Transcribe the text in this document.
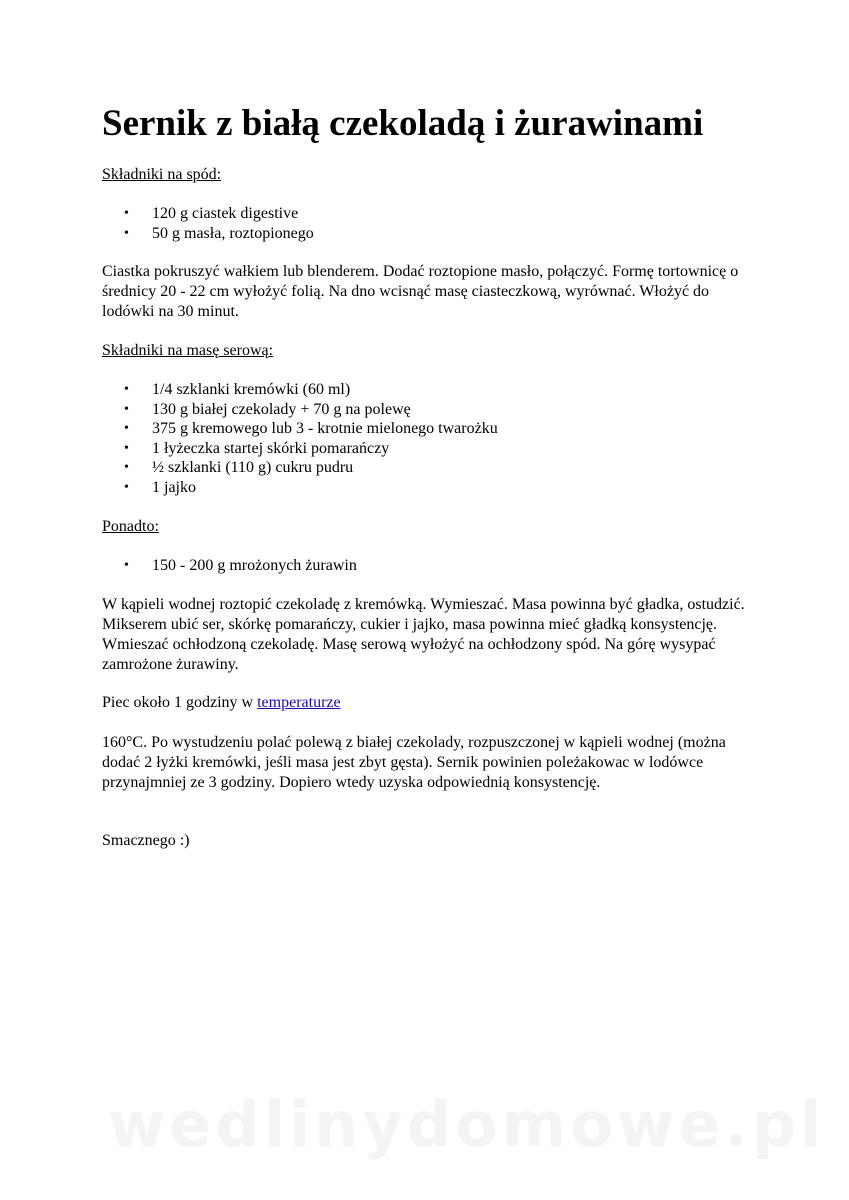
Sernik z białą czekoladą i żurawinami

Składniki na spód:

• 120 g ciastek digestive
• 50 g masła, roztopionego

Ciastka pokruszyć wałkiem lub blenderem. Dodać roztopione masło, połączyć. Formę tortownicę o średnicy 20 - 22 cm wyłożyć folią. Na dno wcisnąć masę ciasteczkową, wyrównać. Włożyć do lodówki na 30 minut.

Składniki na masę serową:

• 1/4 szklanki kremówki (60 ml)
• 130 g białej czekolady + 70 g na polewę
• 375 g kremowego lub 3 - krotnie mielonego twarożku
• 1 łyżeczka startej skórki pomarańczy
• ½ szklanki (110 g) cukru pudru
• 1 jajko

Ponadto:

• 150 - 200 g mrożonych żurawin

W kąpieli wodnej roztopić czekoladę z kremówką. Wymieszać. Masa powinna być gładka, ostudzić. Mikserem ubić ser, skórkę pomarańczy, cukier i jajko, masa powinna mieć gładką konsystencję. Wmieszać ochłodzoną czekoladę. Masę serową wyłożyć na ochłodzony spód. Na górę wysypać zamrożone żurawiny.

Piec około 1 godziny w temperaturze

160°C. Po wystudzeniu polać polewą z białej czekolady, rozpuszczonej w kąpieli wodnej (można dodać 2 łyżki kremówki, jeśli masa jest zbyt gęsta). Sernik powinien poleżakowac w lodówce przynajmniej ze 3 godziny. Dopiero wtedy uzyska odpowiednią konsystencję.

Smacznego :)

wedlinydomowe.pl
